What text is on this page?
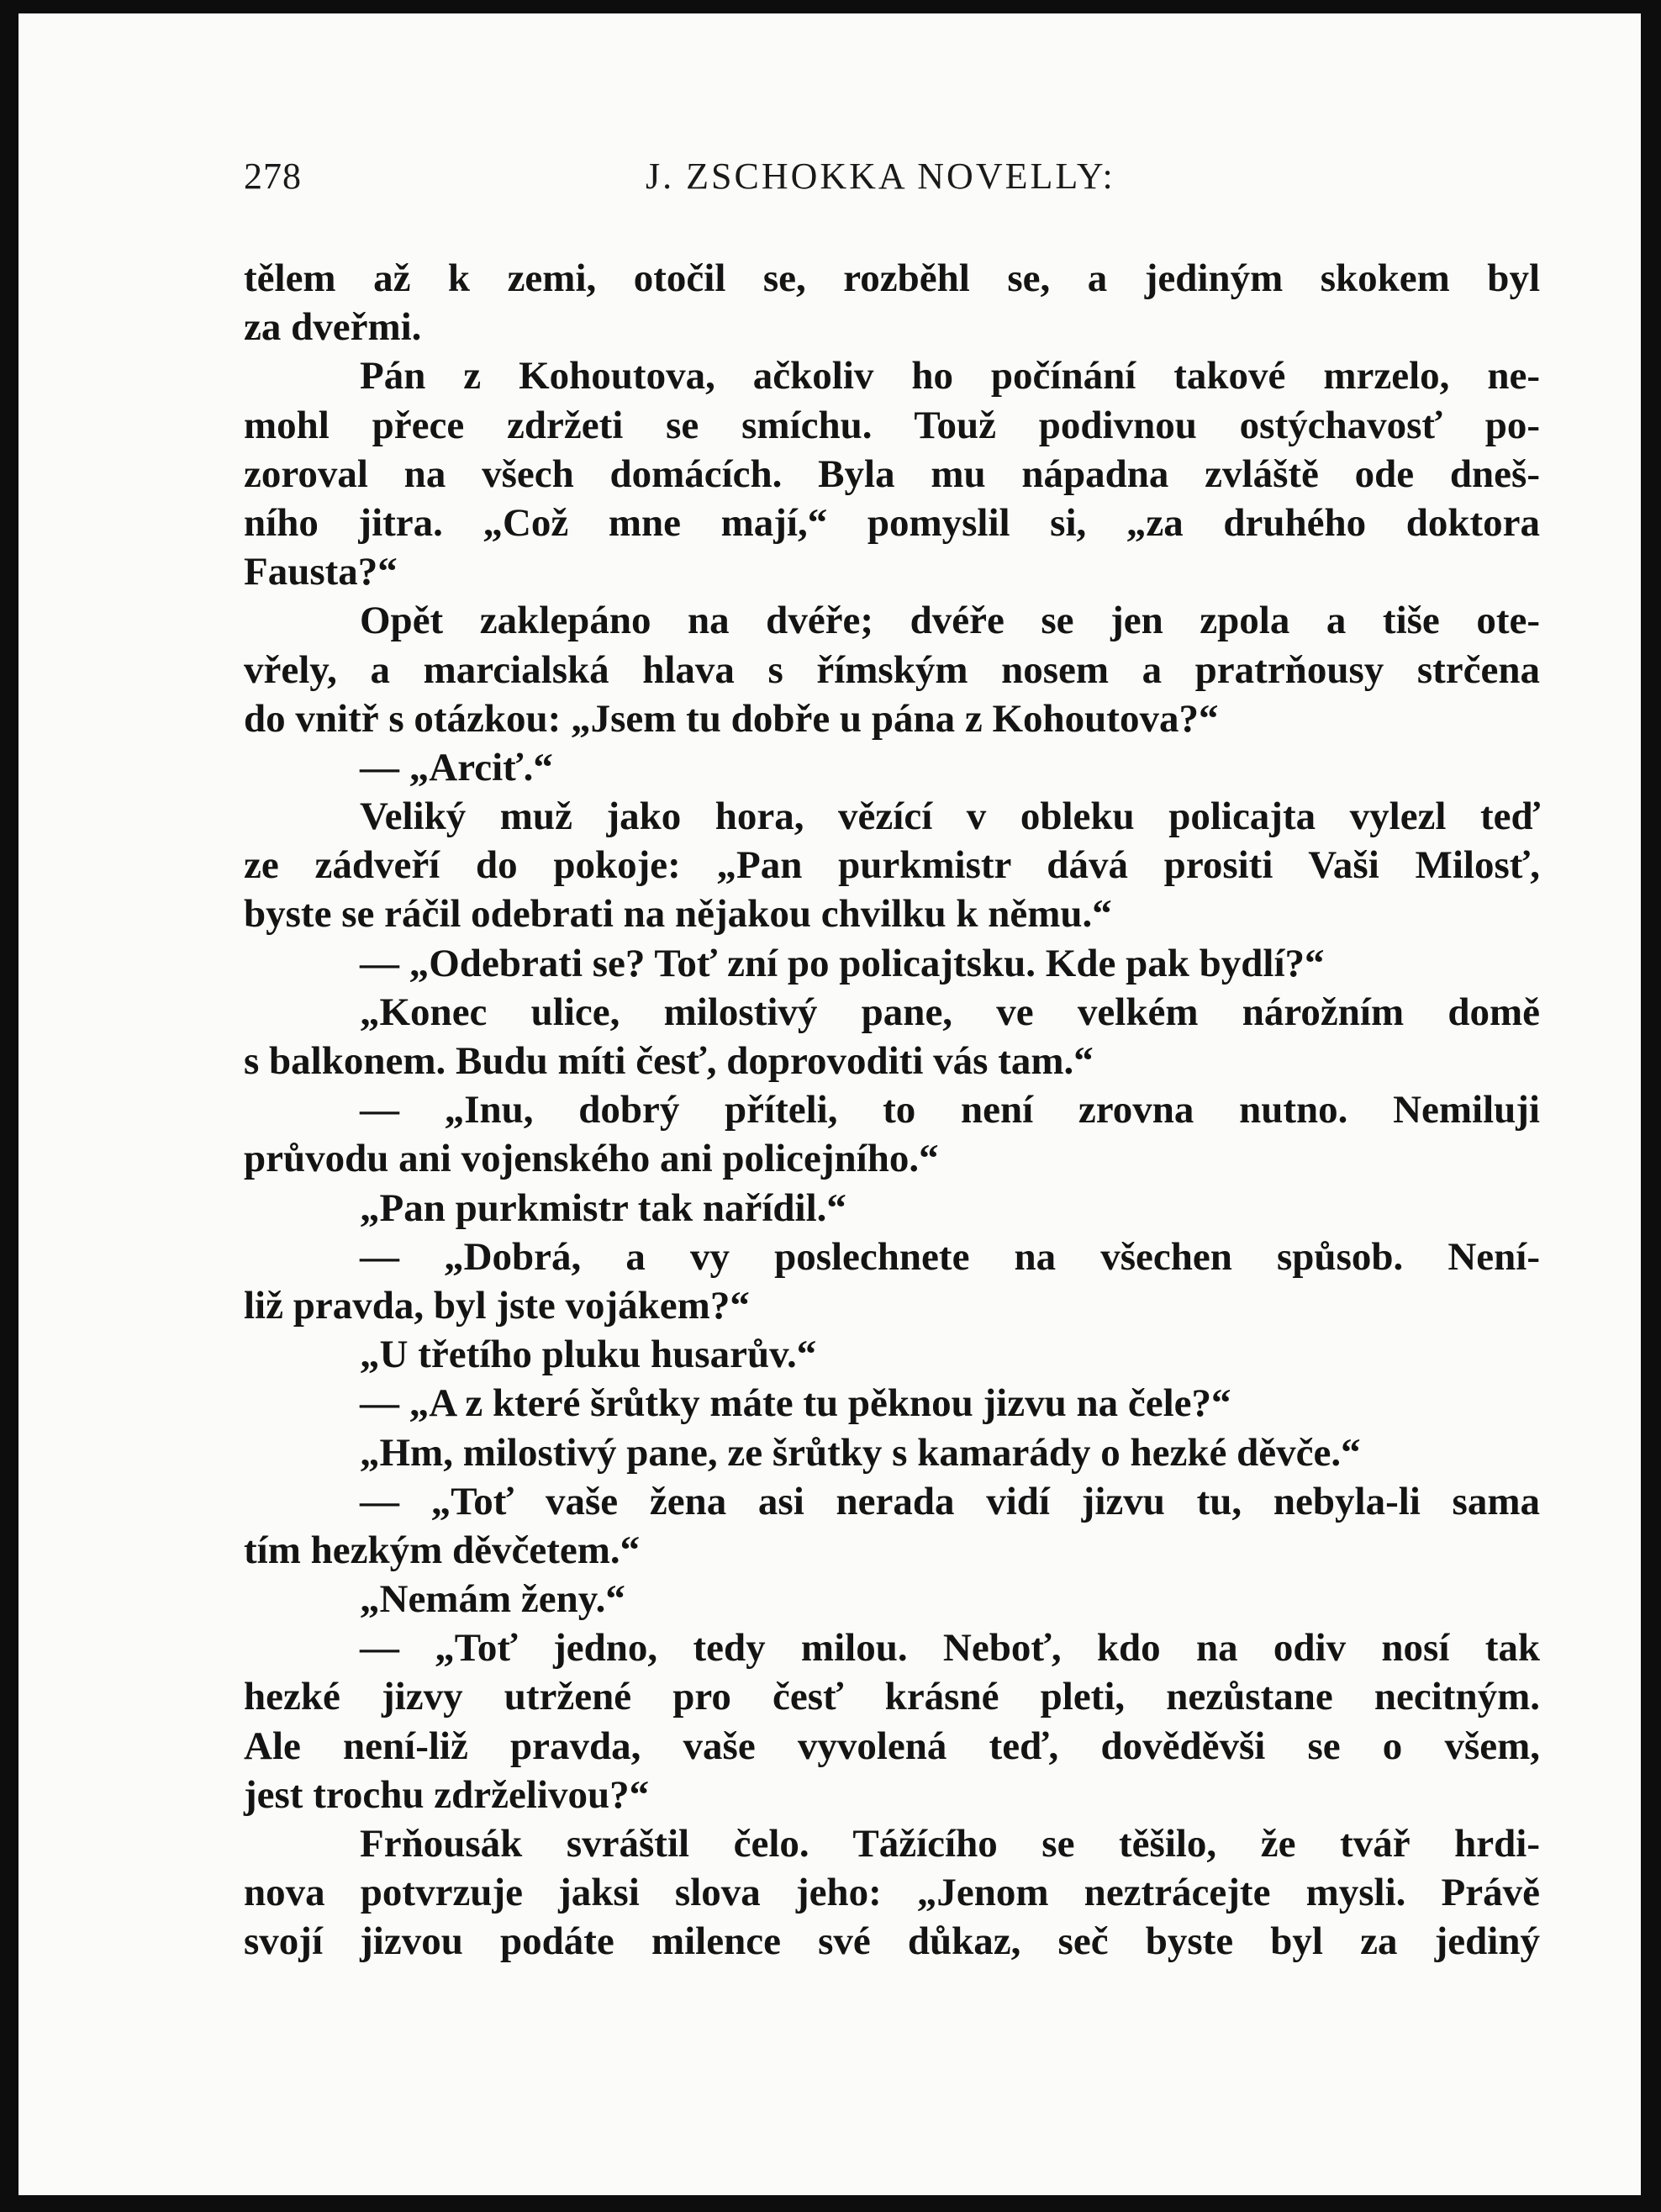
278	J. ZSCHOKKA NOVELLY:
tělem až k zemi, otočil se, rozběhl se, a jediným skokem byl
za dveřmi.
Pán z Kohoutova, ačkoliv ho počínání takové mrzelo, ne-
mohl přece zdržeti se smíchu. Touž podivnou ostýchavosť po-
zoroval na všech domácích. Byla mu nápadna zvláště ode dneš-
ního jitra. „Což mne mají,“ pomyslil si, „za druhého doktora
Fausta?“
Opět zaklepáno na dvéře; dvéře se jen zpola a tiše ote-
vřely, a marcialská hlava s římským nosem a pratrňousy strčena
do vnitř s otázkou: „Jsem tu dobře u pána z Kohoutova?“
— „Arciť.“
Veliký muž jako hora, vězící v obleku policajta vylezl teď
ze zádveří do pokoje: „Pan purkmistr dává prositi Vaši Milosť,
byste se ráčil odebrati na nějakou chvilku k němu.“
— „Odebrati se? Toť zní po policajtsku. Kde pak bydlí?“
„Konec ulice, milostivý pane, ve velkém nárožním domě
s balkonem. Budu míti česť, doprovoditi vás tam.“
— „Inu, dobrý příteli, to není zrovna nutno. Nemiluji
průvodu ani vojenského ani policejního.“
„Pan purkmistr tak nařídil.“
— „Dobrá, a vy poslechnete na všechen spůsob. Není-
liž pravda, byl jste vojákem?“
„U třetího pluku husarův.“
— „A z které šrůtky máte tu pěknou jizvu na čele?“
„Hm, milostivý pane, ze šrůtky s kamarády o hezké děvče.“
— „Toť vaše žena asi nerada vidí jizvu tu, nebyla-li sama
tím hezkým děvčetem.“
„Nemám ženy.“
— „Toť jedno, tedy milou. Neboť, kdo na odiv nosí tak
hezké jizvy utržené pro česť krásné pleti, nezůstane necitným.
Ale není-liž pravda, vaše vyvolená teď, dověděvši se o všem,
jest trochu zdrželivou?“
Frňousák svráštil čelo. Tážícího se těšilo, že tvář hrdi-
nova potvrzuje jaksi slova jeho: „Jenom neztrácejte mysli. Právě
svojí jizvou podáte milence své důkaz, seč byste byl za jediný
